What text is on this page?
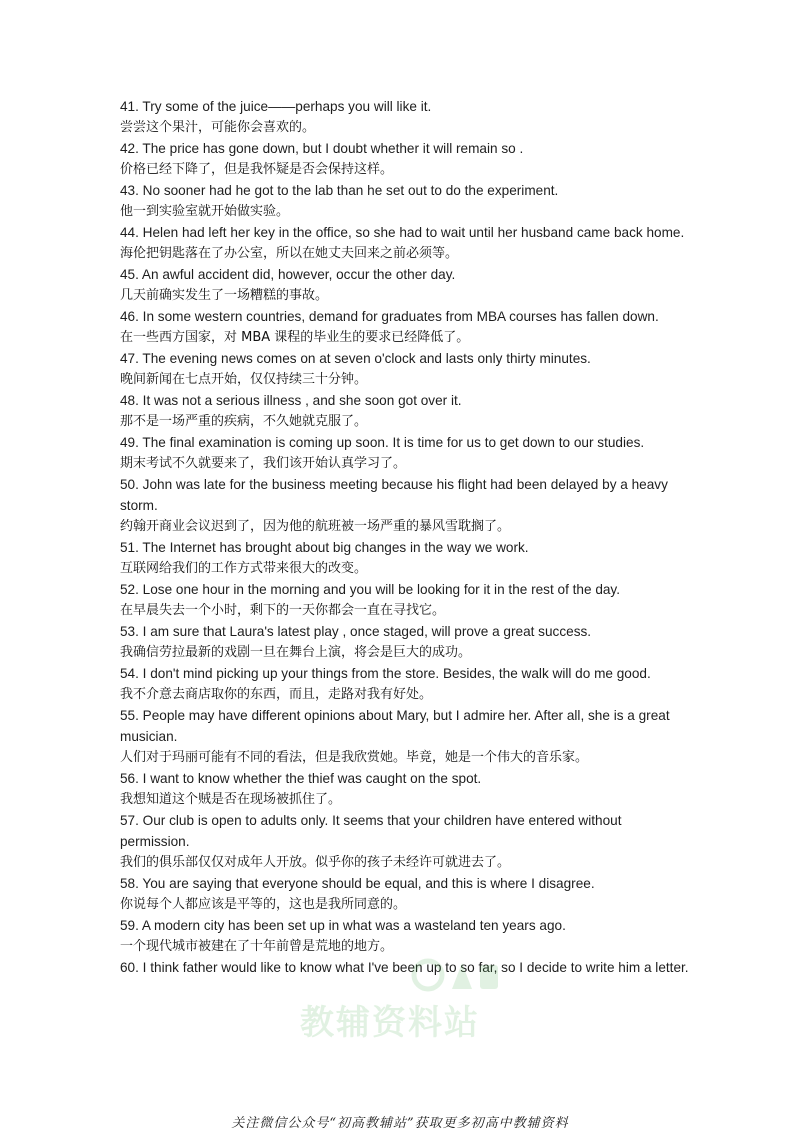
41. Try some of the juice——perhaps you will like it.

尝尝这个果汁，可能你会喜欢的。

42. The price has gone down, but I doubt whether it will remain so .

价格已经下降了，但是我怀疑是否会保持这样。

43. No sooner had he got to the lab than he set out to do the experiment.

他一到实验室就开始做实验。

44. Helen had left her key in the office, so she had to wait until her husband came back home.

海伦把钥匙落在了办公室，所以在她丈夫回来之前必须等。

45. An awful accident did, however, occur the other day.

几天前确实发生了一场糟糕的事故。

46. In some western countries, demand for graduates from MBA courses has fallen down.

在一些西方国家，对 MBA 课程的毕业生的要求已经降低了。

47. The evening news comes on at seven o'clock and lasts only thirty minutes.

晚间新闻在七点开始，仅仅持续三十分钟。

48. It was not a serious illness , and she soon got over it.

那不是一场严重的疾病，不久她就克服了。

49. The final examination is coming up soon. It is time for us to get down to our studies.

期末考试不久就要来了，我们该开始认真学习了。

50. John was late for the business meeting because his flight had been delayed by a heavy storm.

约翰开商业会议迟到了，因为他的航班被一场严重的暴风雪耽搁了。

51. The Internet has brought about big changes in the way we work.

互联网给我们的工作方式带来很大的改变。

52. Lose one hour in the morning and you will be looking for it in the rest of the day.

在早晨失去一个小时，剩下的一天你都会一直在寻找它。

53. I am sure that Laura's latest play , once staged, will prove a great success.

我确信劳拉最新的戏剧一旦在舞台上演，将会是巨大的成功。

54. I don't mind picking up your things from the store. Besides, the walk will do me good.

我不介意去商店取你的东西，而且，走路对我有好处。

55. People may have different opinions about Mary, but I admire her. After all, she is a great musician.

人们对于玛丽可能有不同的看法，但是我欣赏她。毕竟，她是一个伟大的音乐家。

56. I want to know whether the thief was caught on the spot.

我想知道这个贼是否在现场被抓住了。

57. Our club is open to adults only. It seems that your children have entered without permission.

我们的俱乐部仅仅对成年人开放。似乎你的孩子未经许可就进去了。

58. You are saying that everyone should be equal, and this is where I disagree.

你说每个人都应该是平等的，这也是我所同意的。

59. A modern city has been set up in what was a wasteland ten years ago.

一个现代城市被建在了十年前曾是荒地的地方。

60. I think father would like to know what I've been up to so far, so I decide to write him a letter.

教辅资料站
关注微信公众号“初高教辅站”获取更多初高中教辅资料
